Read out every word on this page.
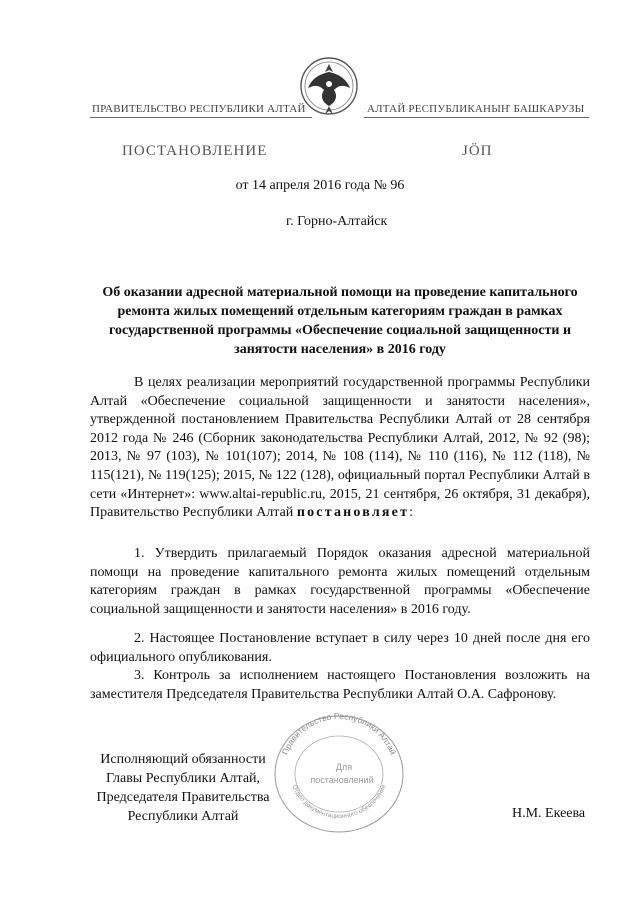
ПРАВИТЕЛЬСТВО РЕСПУБЛИКИ АЛТАЙ	АЛТАЙ РЕСПУБЛИКАНЫҤ БАШКАРУЗЫ
ПОСТАНОВЛЕНИЕ	JÖП
от 14 апреля 2016 года № 96
г. Горно-Алтайск
Об оказании адресной материальной помощи на проведение капитального ремонта жилых помещений отдельным категориям граждан в рамках государственной программы «Обеспечение социальной защищенности и занятости населения» в 2016 году
В целях реализации мероприятий государственной программы Республики Алтай «Обеспечение социальной защищенности и занятости населения», утвержденной постановлением Правительства Республики Алтай от 28 сентября 2012 года № 246 (Сборник законодательства Республики Алтай, 2012, № 92 (98); 2013, № 97 (103), № 101(107); 2014, № 108 (114), № 110 (116), № 112 (118), № 115(121), № 119(125); 2015, № 122 (128), официальный портал Республики Алтай в сети «Интернет»: www.altai-republic.ru, 2015, 21 сентября, 26 октября, 31 декабря), Правительство Республики Алтай постановляет:
1. Утвердить прилагаемый Порядок оказания адресной материальной помощи на проведение капитального ремонта жилых помещений отдельным категориям граждан в рамках государственной программы «Обеспечение социальной защищенности и занятости населения» в 2016 году.
2. Настоящее Постановление вступает в силу через 10 дней после дня его официального опубликования.
3. Контроль за исполнением настоящего Постановления возложить на заместителя Председателя Правительства Республики Алтай О.А. Сафронову.
Правительство Республики Алтай
Отдел документационного обеспечения
Для
постановлений
Исполняющий обязанности
Главы Республики Алтай,
Председателя Правительства
Республики Алтай	Н.М. Екеева
